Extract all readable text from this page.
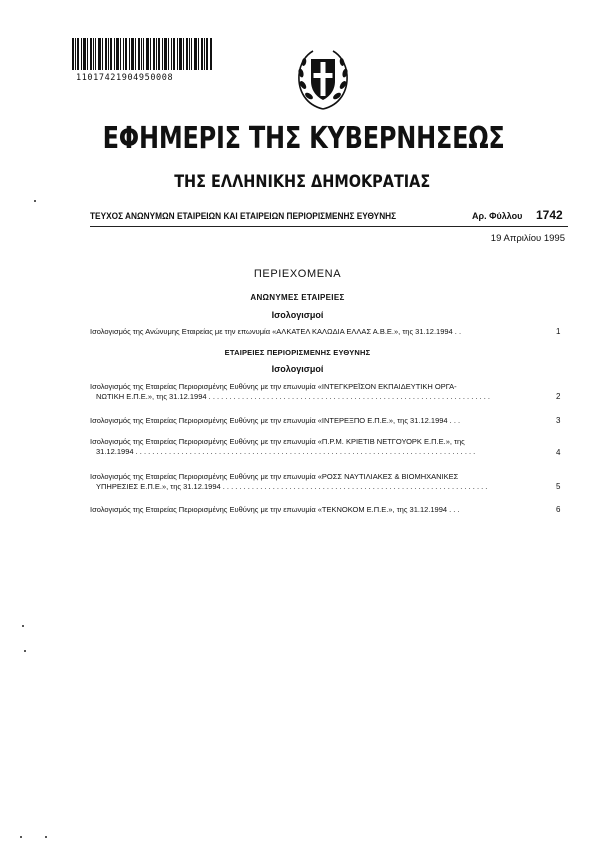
11017421904950008
ΕΦΗΜΕΡΙΣ ΤΗΣ ΚΥΒΕΡΝΗΣΕΩΣ
ΤΗΣ ΕΛΛΗΝΙΚΗΣ ΔΗΜΟΚΡΑΤΙΑΣ
ΤΕΥΧΟΣ ΑΝΩΝΥΜΩΝ ΕΤΑΙΡΕΙΩΝ ΚΑΙ ΕΤΑΙΡΕΙΩΝ ΠΕΡΙΟΡΙΣΜΕΝΗΣ ΕΥΘΥΝΗΣ	Αρ. Φύλλου 1742
19 Απριλίου 1995
ΠΕΡΙΕΧΟΜΕΝΑ
ΑΝΩΝΥΜΕΣ ΕΤΑΙΡΕΙΕΣ
Ισολογισμοί
Ισολογισμός της Ανώνυμης Εταιρείας με την επωνυμία «ΑΛΚΑΤΕΛ ΚΑΛΩΔΙΑ ΕΛΛΑΣ Α.Β.Ε.», της 31.12.1994 . .	1
ΕΤΑΙΡΕΙΕΣ ΠΕΡΙΟΡΙΣΜΕΝΗΣ ΕΥΘΥΝΗΣ
Ισολογισμοί
Ισολογισμός της Εταιρείας Περιορισμένης Ευθύνης με την επωνυμία «ΙΝΤΕΓΚΡΕΪΣΟΝ ΕΚΠΑΙΔΕΥΤΙΚΗ ΟΡΓΑ-
ΝΩΤΙΚΗ Ε.Π.Ε.», της 31.12.1994 . . . . . . . . . . . . . . . . . . . . . . . . . . . . . . . . . . . . . . . . . . . . . . . . . . . . . . . . . . . . . . . . . . . .	2
Ισολογισμός της Εταιρείας Περιορισμένης Ευθύνης με την επωνυμία «ΙΝΤΕΡΕΞΠΟ Ε.Π.Ε.», της 31.12.1994 . . .	3
Ισολογισμός της Εταιρείας Περιορισμένης Ευθύνης με την επωνυμία «Π.Ρ.Μ. ΚΡΙΕΤΙΒ ΝΕΤΓΟΥΟΡΚ Ε.Π.Ε.», της
31.12.1994 . . . . . . . . . . . . . . . . . . . . . . . . . . . . . . . . . . . . . . . . . . . . . . . . . . . . . . . . . . . . . . . . . . . . . . . . . . . . . . . . . .	4
Ισολογισμός της Εταιρείας Περιορισμένης Ευθύνης με την επωνυμία «ΡΟΣΣ ΝΑΥΤΙΛΙΑΚΕΣ & ΒΙΟΜΗΧΑΝΙΚΕΣ
ΥΠΗΡΕΣΙΕΣ Ε.Π.Ε.», της 31.12.1994 . . . . . . . . . . . . . . . . . . . . . . . . . . . . . . . . . . . . . . . . . . . . . . . . . . . . . . . . . . . . . . . .	5
Ισολογισμός της Εταιρείας Περιορισμένης Ευθύνης με την επωνυμία «ΤΕΚΝΟΚΟΜ Ε.Π.Ε.», της 31.12.1994 . . .	6
